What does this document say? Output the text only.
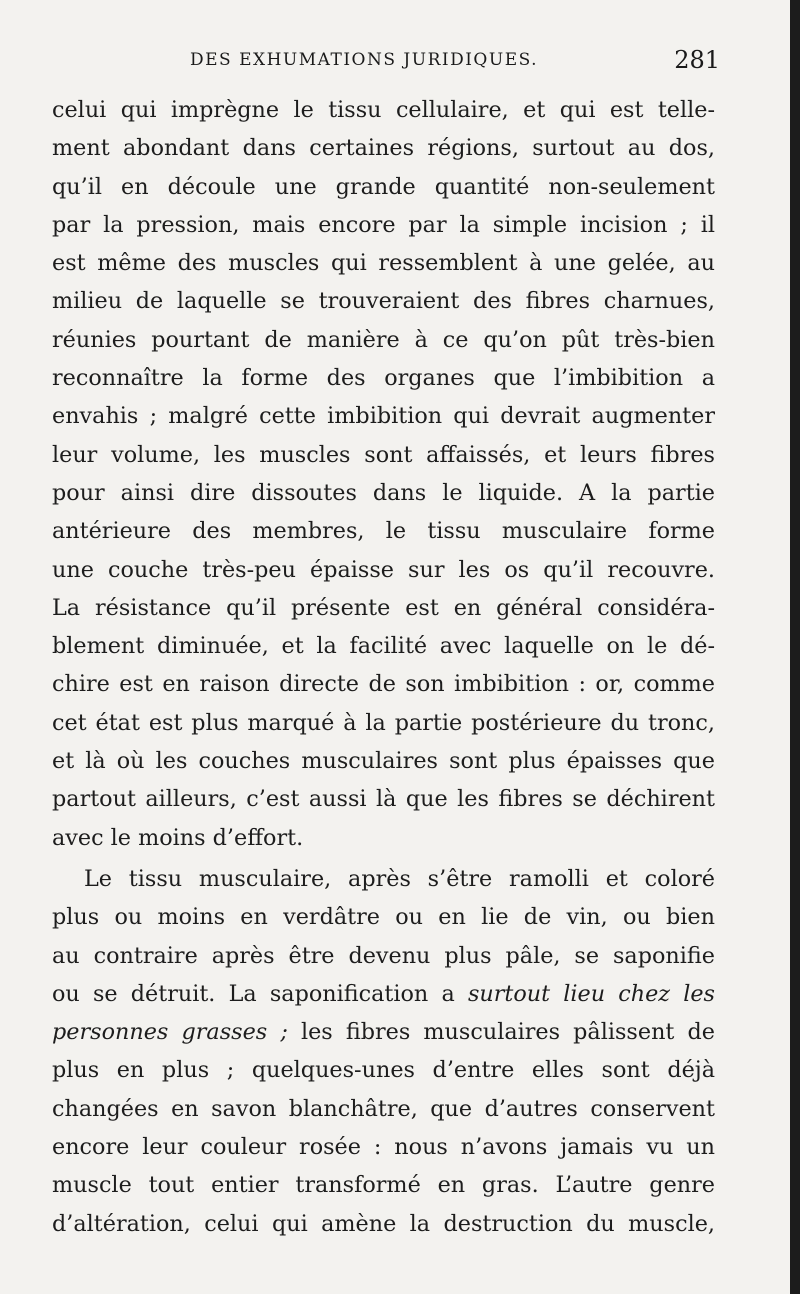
DES EXHUMATIONS JURIDIQUES.	281
celui qui imprègne le tissu cellulaire, et qui est telle-
ment abondant dans certaines régions, surtout au dos,
qu’il en découle une grande quantité non-seulement
par la pression, mais encore par la simple incision ; il
est même des muscles qui ressemblent à une gelée, au
milieu de laquelle se trouveraient des fibres charnues,
réunies pourtant de manière à ce qu’on pût très-bien
reconnaître la forme des organes que l’imbibition a
envahis ; malgré cette imbibition qui devrait augmenter
leur volume, les muscles sont affaissés, et leurs fibres
pour ainsi dire dissoutes dans le liquide. A la partie
antérieure des membres, le tissu musculaire forme
une couche très-peu épaisse sur les os qu’il recouvre.
La résistance qu’il présente est en général considéra-
blement diminuée, et la facilité avec laquelle on le dé-
chire est en raison directe de son imbibition : or, comme
cet état est plus marqué à la partie postérieure du tronc,
et là où les couches musculaires sont plus épaisses que
partout ailleurs, c’est aussi là que les fibres se déchirent
avec le moins d’effort.
Le tissu musculaire, après s’être ramolli et coloré
plus ou moins en verdâtre ou en lie de vin, ou bien
au contraire après être devenu plus pâle, se saponifie
ou se détruit. La saponification a surtout lieu chez les
personnes grasses ; les fibres musculaires pâlissent de
plus en plus ; quelques-unes d’entre elles sont déjà
changées en savon blanchâtre, que d’autres conservent
encore leur couleur rosée : nous n’avons jamais vu un
muscle tout entier transformé en gras. L’autre genre
d’altération, celui qui amène la destruction du muscle,
